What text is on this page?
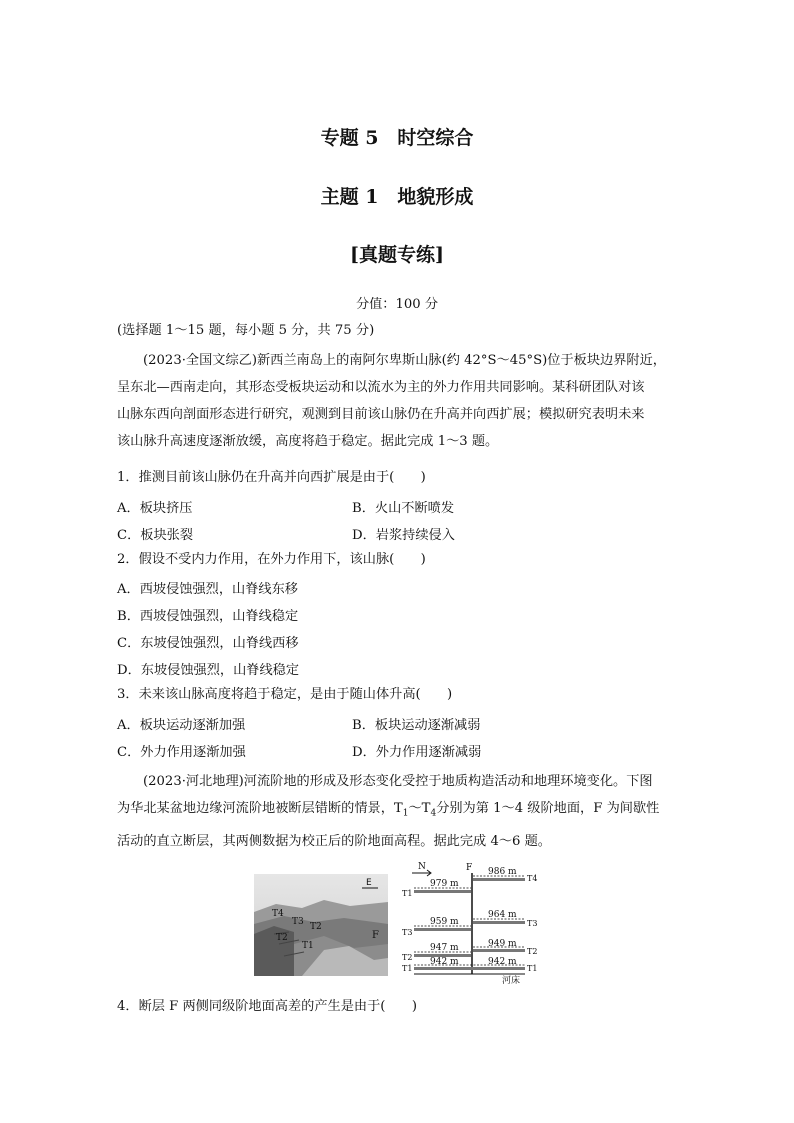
专题 5　时空综合
主题 1　地貌形成
[真题专练]
分值：100 分
(选择题 1～15 题，每小题 5 分，共 75 分)
(2023·全国文综乙)新西兰南岛上的南阿尔卑斯山脉(约 42°S～45°S)位于板块边界附近，
呈东北—西南走向，其形态受板块运动和以流水为主的外力作用共同影响。某科研团队对该
山脉东西向剖面形态进行研究，观测到目前该山脉仍在升高并向西扩展；模拟研究表明未来
该山脉升高速度逐渐放缓，高度将趋于稳定。据此完成 1～3 题。
1．推测目前该山脉仍在升高并向西扩展是由于(　　)
A．板块挤压	B．火山不断喷发
C．板块张裂	D．岩浆持续侵入
2．假设不受内力作用，在外力作用下，该山脉(　　)
A．西坡侵蚀强烈，山脊线东移
B．西坡侵蚀强烈，山脊线稳定
C．东坡侵蚀强烈，山脊线西移
D．东坡侵蚀强烈，山脊线稳定
3．未来该山脉高度将趋于稳定，是由于随山体升高(　　)
A．板块运动逐渐加强	B．板块运动逐渐减弱
C．外力作用逐渐加强	D．外力作用逐渐减弱
(2023·河北地理)河流阶地的形成及形态变化受控于地质构造活动和地理环境变化。下图
为华北某盆地边缘河流阶地被断层错断的情景，$T_1\sim T_4$分别为第 1～4 级阶地面，F 为间歇性
活动的直立断层，其两侧数据为校正后的阶地面高程。据此完成 4～6 题。
E
T4
T3 T2
T2
T1
F
N	F 986 m
T4
979 m
T1
964 m
T3
959 m
T3
949 m
T2
947 m
T2 942 m	942 m
T1	T1
河床
4．断层 F 两侧同级阶地面高差的产生是由于(　　)
